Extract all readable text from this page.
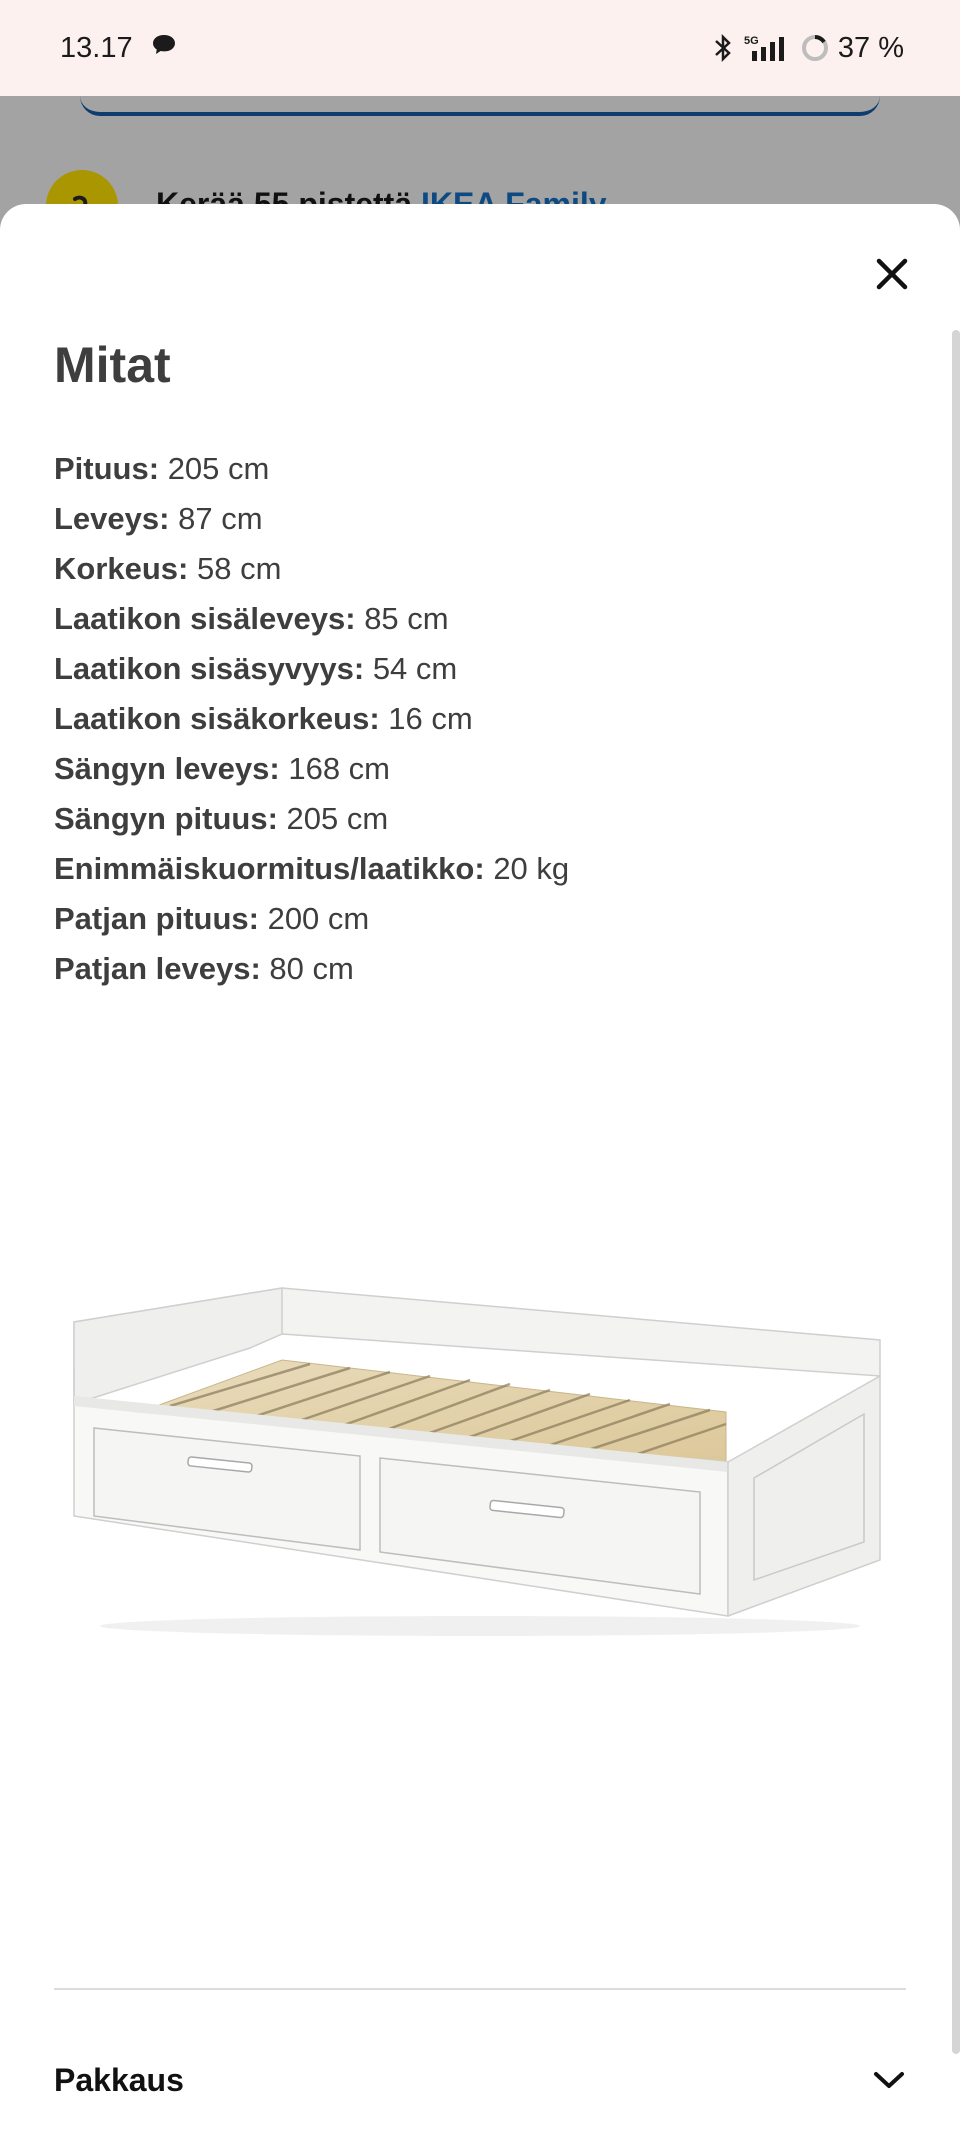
13.17	5G	37 %
Mitat
Pituus: 205 cm
Leveys: 87 cm
Korkeus: 58 cm
Laatikon sisäleveys: 85 cm
Laatikon sisäsyvyys: 54 cm
Laatikon sisäkorkeus: 16 cm
Sängyn leveys: 168 cm
Sängyn pituus: 205 cm
Enimmäiskuormitus/laatikko: 20 kg
Patjan pituus: 200 cm
Patjan leveys: 80 cm
Pakkaus
